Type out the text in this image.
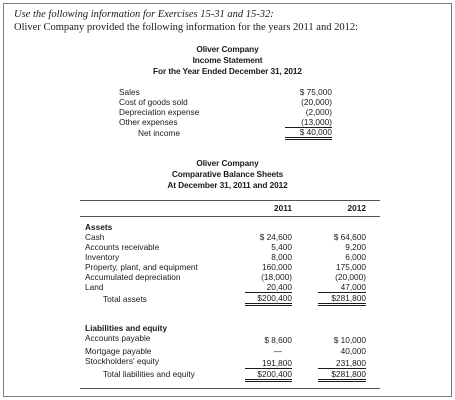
Use the following information for Exercises 15-31 and 15-32:
Oliver Company provided the following information for the years 2011 and 2012:
Oliver Company
Income Statement
For the Year Ended December 31, 2012
Sales	$ 75,000
Cost of goods sold	(20,000)
Depreciation expense	(2,000)
Other expenses	(13,000)
Net income	$ 40,000
Oliver Company
Comparative Balance Sheets
At December 31, 2011 and 2012
2011	2012
Assets
Cash	$ 24,600	$ 64,600
Accounts receivable	5,400	9,200
Inventory	8,000	6,000
Property, plant, and equipment	160,000	175,000
Accumulated depreciation	(18,000)	(20,000)
Land	20,400	47,000
Total assets	$200,400	$281,800
Liabilities and equity
Accounts payable	$ 8,600	$ 10,000
Mortgage payable	—	40,000
Stockholders' equity	191,800	231,800
Total liabilities and equity	$200,400	$281,800
